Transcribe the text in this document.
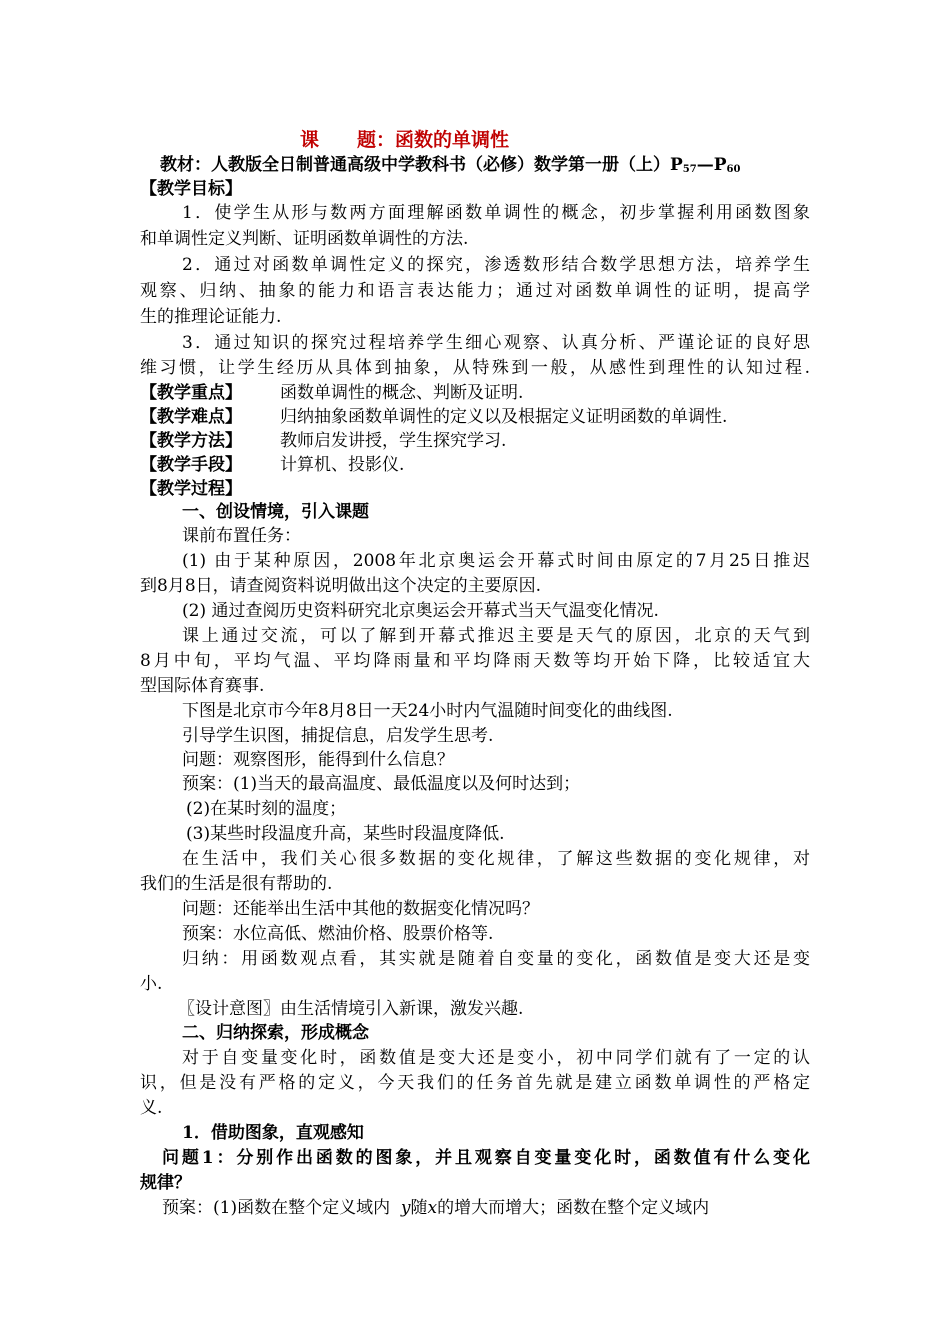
课　　题：函数的单调性
教材：人教版全日制普通高级中学教科书（必修）数学第一册（上）$P_{57}—P_{60}$
【教学目标】
1．使学生从形与数两方面理解函数单调性的概念，初步掌握利用函数图象
和单调性定义判断、证明函数单调性的方法.
2．通过对函数单调性定义的探究，渗透数形结合数学思想方法，培养学生
观察、归纳、抽象的能力和语言表达能力；通过对函数单调性的证明，提高学
生的推理论证能力.
3．通过知识的探究过程培养学生细心观察、认真分析、严谨论证的良好思
维习惯，让学生经历从具体到抽象，从特殊到一般，从感性到理性的认知过程.
【教学重点】 函数单调性的概念、判断及证明.
【教学难点】 归纳抽象函数单调性的定义以及根据定义证明函数的单调性.
【教学方法】 教师启发讲授，学生探究学习.
【教学手段】 计算机、投影仪.
【教学过程】
一、创设情境，引入课题
课前布置任务：
(1) 由于某种原因，2008年北京奥运会开幕式时间由原定的7月25日推迟
到8月8日，请查阅资料说明做出这个决定的主要原因.
(2) 通过查阅历史资料研究北京奥运会开幕式当天气温变化情况.
课上通过交流，可以了解到开幕式推迟主要是天气的原因，北京的天气到
8月中旬，平均气温、平均降雨量和平均降雨天数等均开始下降，比较适宜大
型国际体育赛事.
下图是北京市今年8月8日一天24小时内气温随时间变化的曲线图.
引导学生识图，捕捉信息，启发学生思考.
问题：观察图形，能得到什么信息？
预案：(1)当天的最高温度、最低温度以及何时达到；
(2)在某时刻的温度；
(3)某些时段温度升高，某些时段温度降低.
在生活中，我们关心很多数据的变化规律，了解这些数据的变化规律，对
我们的生活是很有帮助的.
问题：还能举出生活中其他的数据变化情况吗？
预案：水位高低、燃油价格、股票价格等.
归纳：用函数观点看，其实就是随着自变量的变化，函数值是变大还是变
小.
〖设计意图〗由生活情境引入新课，激发兴趣.
二、归纳探索，形成概念
对于自变量变化时，函数值是变大还是变小，初中同学们就有了一定的认
识，但是没有严格的定义，今天我们的任务首先就是建立函数单调性的严格定
义.
1．借助图象，直观感知
问题1：分别作出函数的图象，并且观察自变量变化时，函数值有什么变化
规律？
预案：(1)函数在整个定义域内 y随x的增大而增大；函数在整个定义域内
